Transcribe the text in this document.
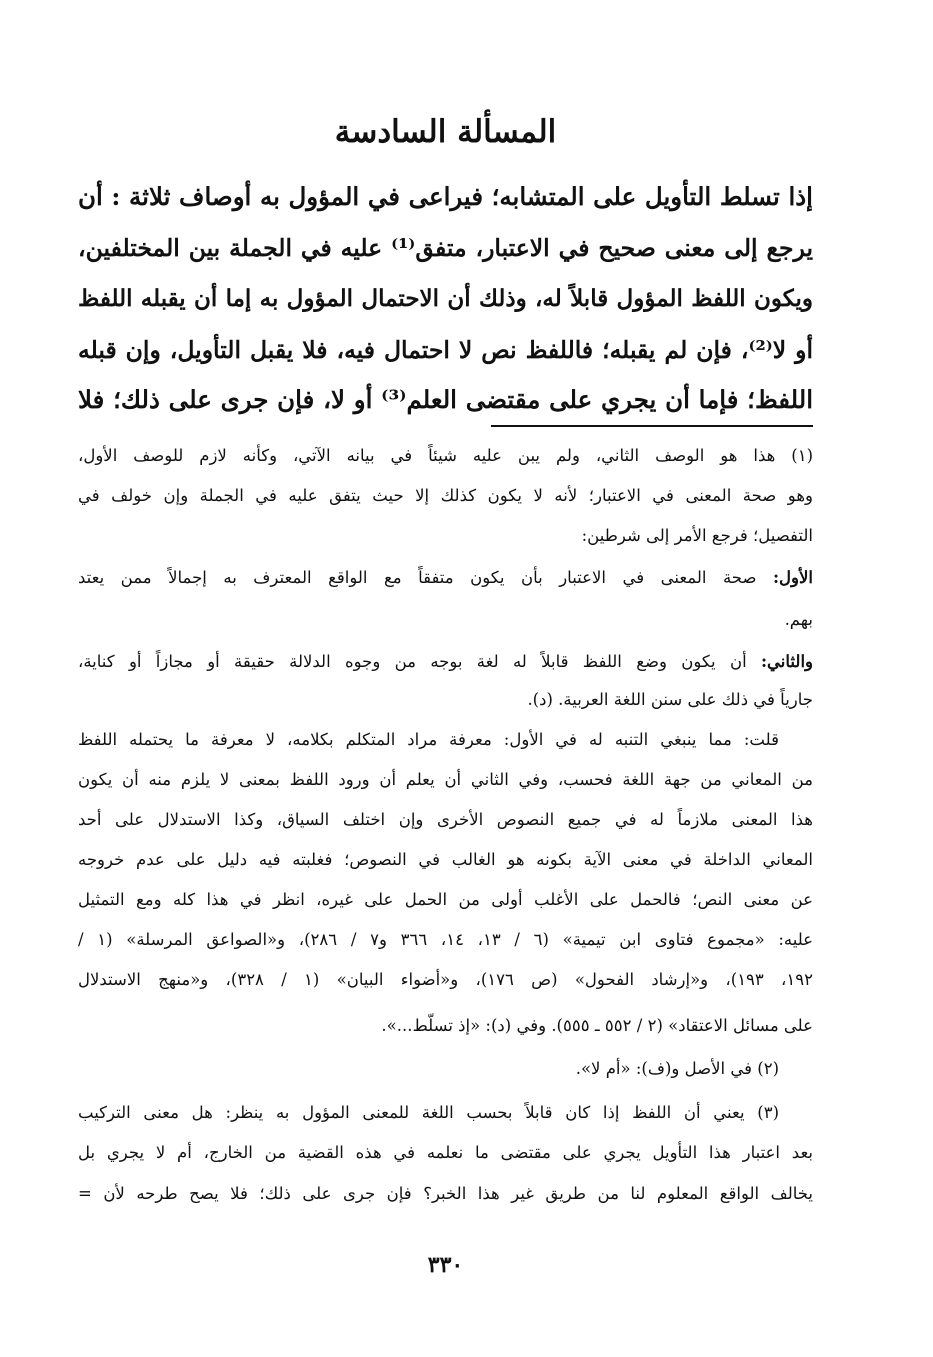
المسألة السادسة
إذا تسلط التأويل على المتشابه؛ فيراعى في المؤول به أوصاف ثلاثة : أن
يرجع إلى معنى صحيح في الاعتبار، متفق⁽¹⁾ عليه في الجملة بين المختلفين،
ويكون اللفظ المؤول قابلاً له، وذلك أن الاحتمال المؤول به إما أن يقبله اللفظ
أو لا⁽²⁾، فإن لم يقبله؛ فاللفظ نص لا احتمال فيه، فلا يقبل التأويل، وإن قبله
اللفظ؛ فإما أن يجري على مقتضى العلم⁽³⁾ أو لا، فإن جرى على ذلك؛ فلا
(١) هذا هو الوصف الثاني، ولم يبن عليه شيئاً في بيانه الآتي، وكأنه لازم للوصف الأول،
وهو صحة المعنى في الاعتبار؛ لأنه لا يكون كذلك إلا حيث يتفق عليه في الجملة وإن خولف في
التفصيل؛ فرجع الأمر إلى شرطين:
الأول: صحة المعنى في الاعتبار بأن يكون متفقاً مع الواقع المعترف به إجمالاً ممن يعتد
بهم.
والثاني: أن يكون وضع اللفظ قابلاً له لغة بوجه من وجوه الدلالة حقيقة أو مجازاً أو كناية،
جارياً في ذلك على سنن اللغة العربية. (د).
قلت: مما ينبغي التنبه له في الأول: معرفة مراد المتكلم بكلامه، لا معرفة ما يحتمله اللفظ
من المعاني من جهة اللغة فحسب، وفي الثاني أن يعلم أن ورود اللفظ بمعنى لا يلزم منه أن يكون
هذا المعنى ملازماً له في جميع النصوص الأخرى وإن اختلف السياق، وكذا الاستدلال على أحد
المعاني الداخلة في معنى الآية بكونه هو الغالب في النصوص؛ فغلبته فيه دليل على عدم خروجه
عن معنى النص؛ فالحمل على الأغلب أولى من الحمل على غيره، انظر في هذا كله ومع التمثيل
عليه: «مجموع فتاوى ابن تيمية» (٦ / ١٣، ١٤، ٣٦٦ و٧ / ٢٨٦)، و«الصواعق المرسلة» (١ /
١٩٢، ١٩٣)، و«إرشاد الفحول» (ص ١٧٦)، و«أضواء البيان» (١ / ٣٢٨)، و«منهج الاستدلال
على مسائل الاعتقاد» (٢ / ٥٥٢ ـ ٥٥٥). وفي (د): «إذ تسلّط...».
(٢) في الأصل و(ف): «أم لا».
(٣) يعني أن اللفظ إذا كان قابلاً بحسب اللغة للمعنى المؤول به ينظر: هل معنى التركيب
بعد اعتبار هذا التأويل يجري على مقتضى ما نعلمه في هذه القضية من الخارج، أم لا يجري بل
يخالف الواقع المعلوم لنا من طريق غير هذا الخبر؟ فإن جرى على ذلك؛ فلا يصح طرحه لأن =
٣٣٠
